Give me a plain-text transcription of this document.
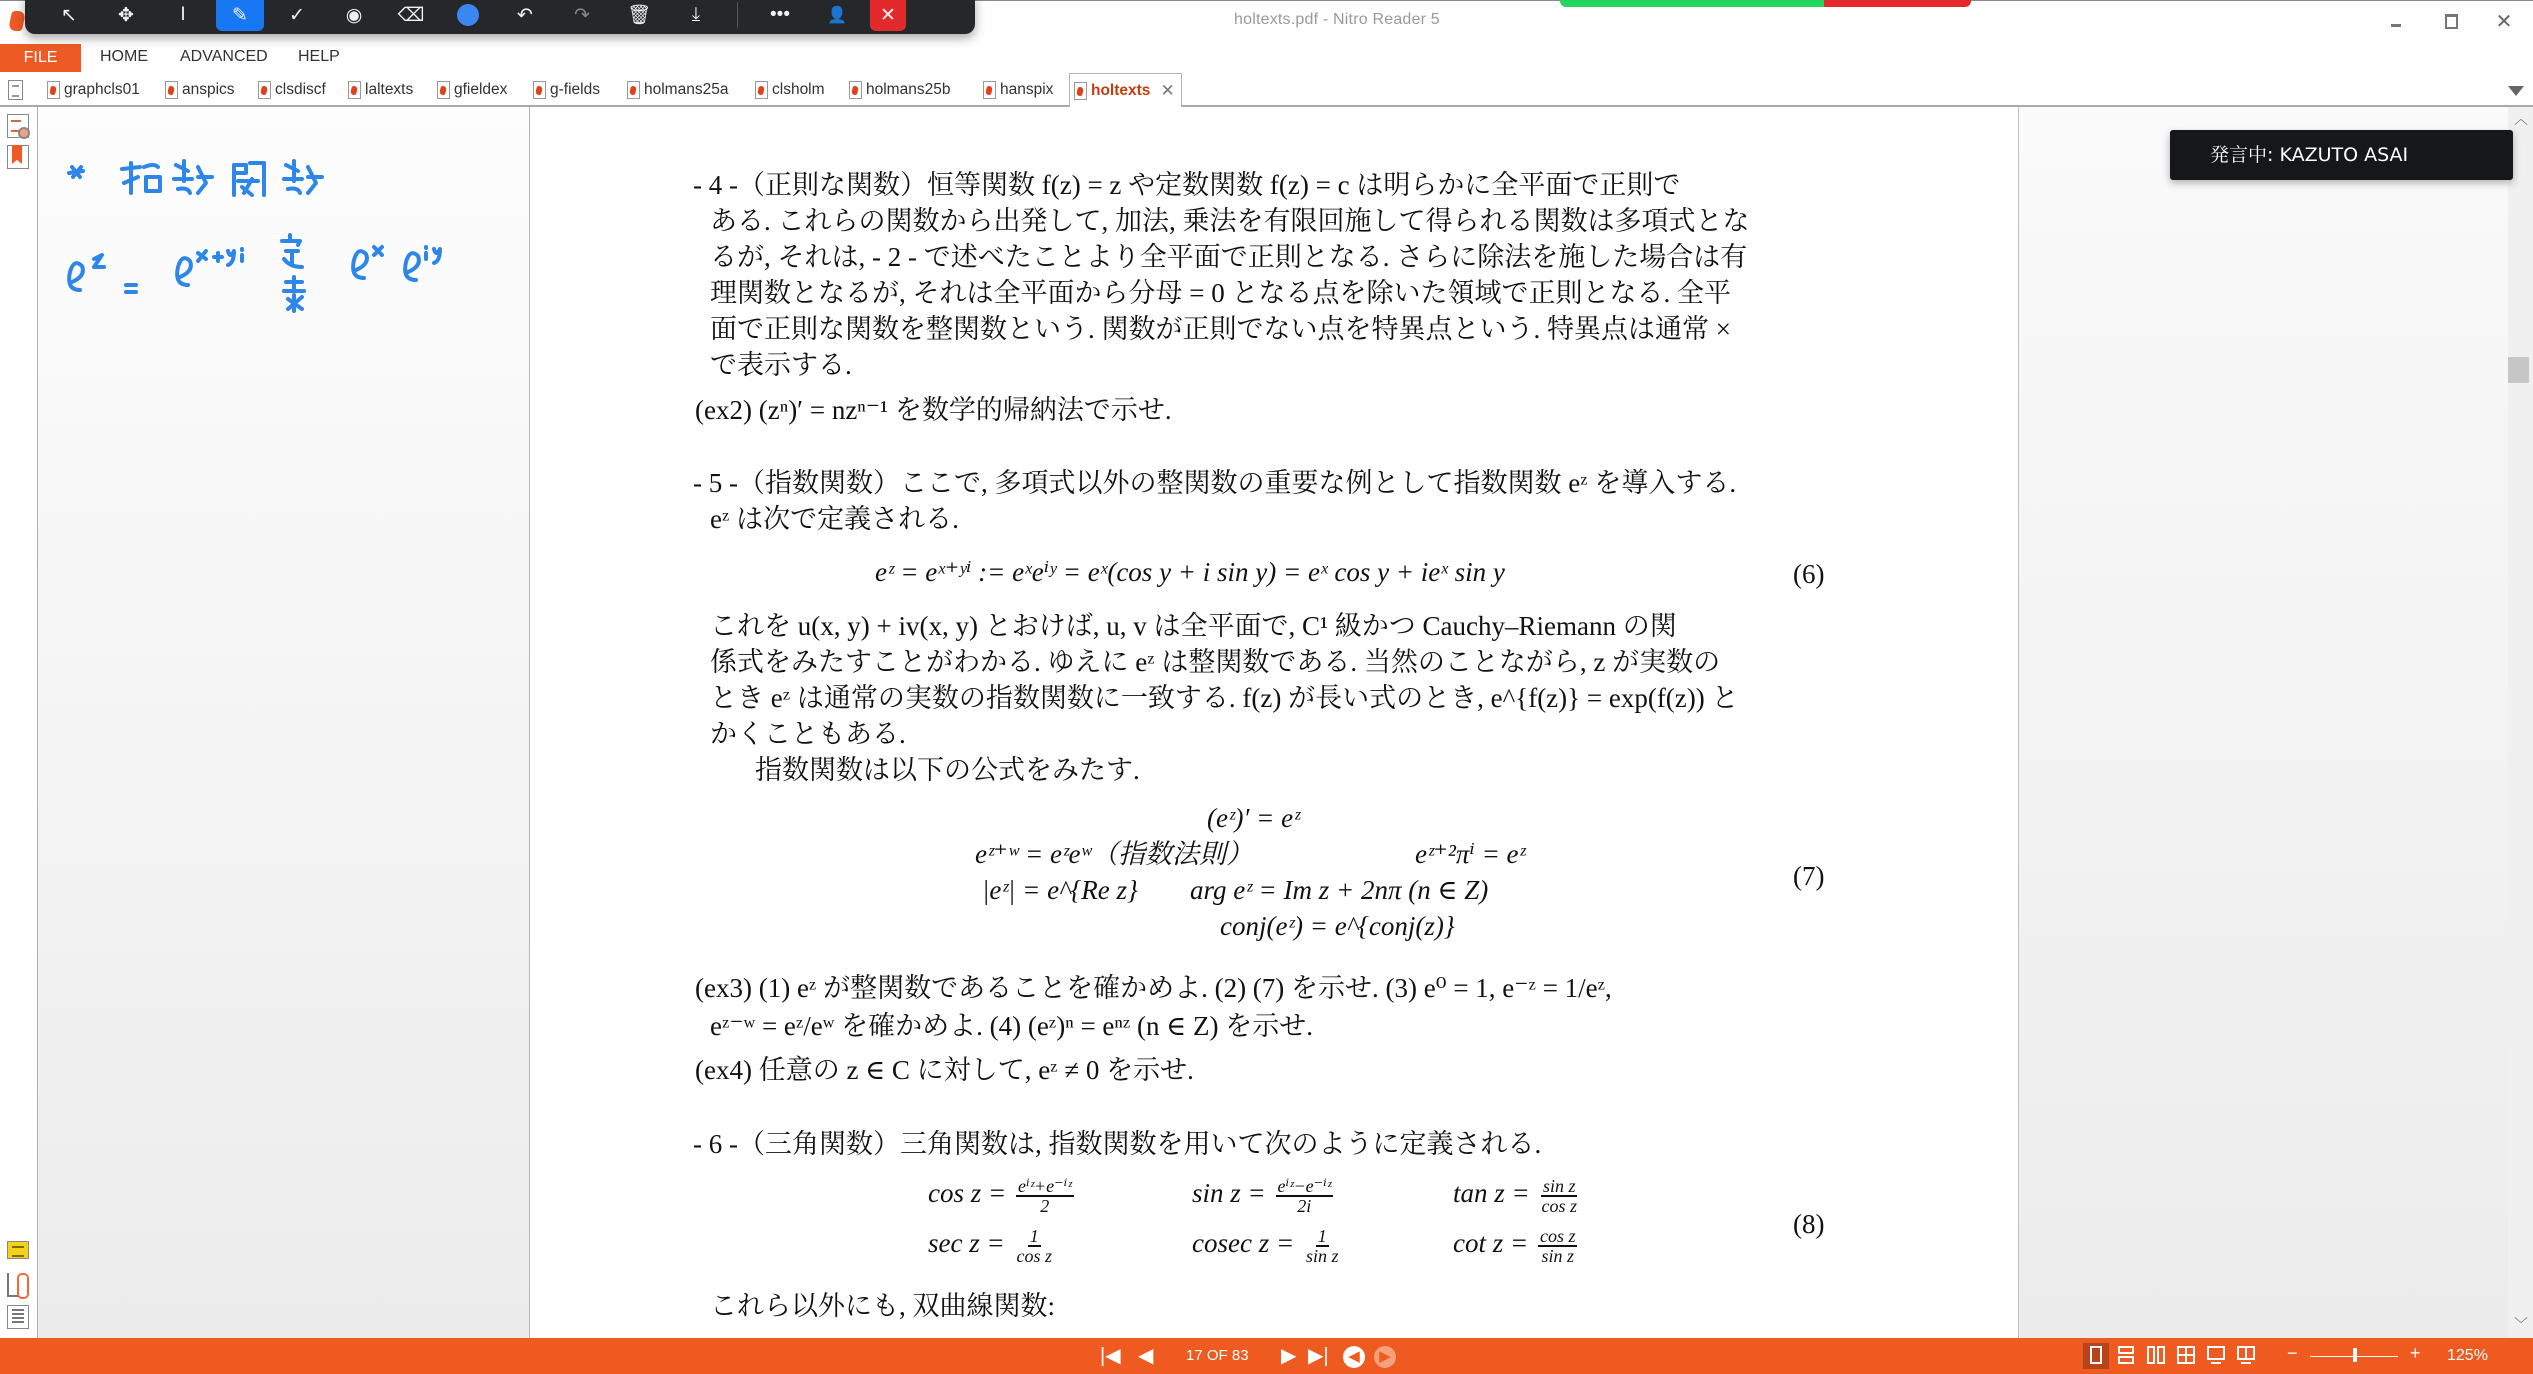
holtexts.pdf - Nitro Reader 5	✕
↖ ✥ I ✎ ✓ ◉ ⌫	↶ ↷ 🗑 ⤓	••• 👤 ✕
FILE	HOME ADVANCED HELP
graphcls01	anspics	clsdiscf	laltexts	gfieldex	g-fields	holmans25a	clsholm	holmans25b	hanspix holtexts ✕
- 4 -（正則な関数）恒等関数 f(z) = z や定数関数 f(z) = c は明らかに全平面で正則で
ある. これらの関数から出発して, 加法, 乗法を有限回施して得られる関数は多項式とな
るが, それは, - 2 - で述べたことより全平面で正則となる. さらに除法を施した場合は有
理関数となるが, それは全平面から分母 = 0 となる点を除いた領域で正則となる. 全平
面で正則な関数を整関数という. 関数が正則でない点を特異点という. 特異点は通常 ×
で表示する.
(ex2) (zⁿ)′ = nzⁿ⁻¹ を数学的帰納法で示せ.
- 5 -（指数関数）ここで, 多項式以外の整関数の重要な例として指数関数 eᶻ を導入する.
eᶻ は次で定義される.
eᶻ = eˣ⁺ʸⁱ := eˣeⁱʸ = eˣ(cos y + i sin y) = eˣ cos y + ieˣ sin y	(6)
これを u(x, y) + iv(x, y) とおけば, u, v は全平面で, C¹ 級かつ Cauchy–Riemann の関
係式をみたすことがわかる. ゆえに eᶻ は整関数である. 当然のことながら, z が実数の
とき eᶻ は通常の実数の指数関数に一致する. f(z) が長い式のとき, e^{f(z)} = exp(f(z)) と
かくこともある.
指数関数は以下の公式をみたす.
(eᶻ)′ = eᶻ
eᶻ⁺ʷ = eᶻeʷ（指数法則）	eᶻ⁺²πⁱ = eᶻ
|eᶻ| = e^{Re z} arg eᶻ = Im z + 2nπ (n ∈ Z)
conj(eᶻ) = e^{conj(z)}
(7)
(ex3) (1) eᶻ が整関数であることを確かめよ. (2) (7) を示せ. (3) e⁰ = 1, e⁻ᶻ = 1/eᶻ,
eᶻ⁻ʷ = eᶻ/eʷ を確かめよ. (4) (eᶻ)ⁿ = eⁿᶻ (n ∈ Z) を示せ.
(ex4) 任意の z ∈ C に対して, eᶻ ≠ 0 を示せ.
- 6 -（三角関数）三角関数は, 指数関数を用いて次のように定義される.
$\cos z = \frac{\text{eⁱᶻ+e⁻ⁱᶻ}}{2}$	$\sin z = \frac{\text{eⁱᶻ−e⁻ⁱᶻ}}{2i}$	$\tan z = \frac{\text{sin z}}{\text{cos z}}$
$\sec z = \frac{1}{\text{cos z}}$	cosec $z = \frac{1}{\text{sin z}}$	$\cot z = \frac{\text{cos z}}{\text{sin z}}$
(8)
これら以外にも, 双曲線関数:
︿
﹀
発言中: KAZUTO ASAI
|◀ ◀ 17 OF 83 ▶ ▶|	◀	▶	−	+ 125%
